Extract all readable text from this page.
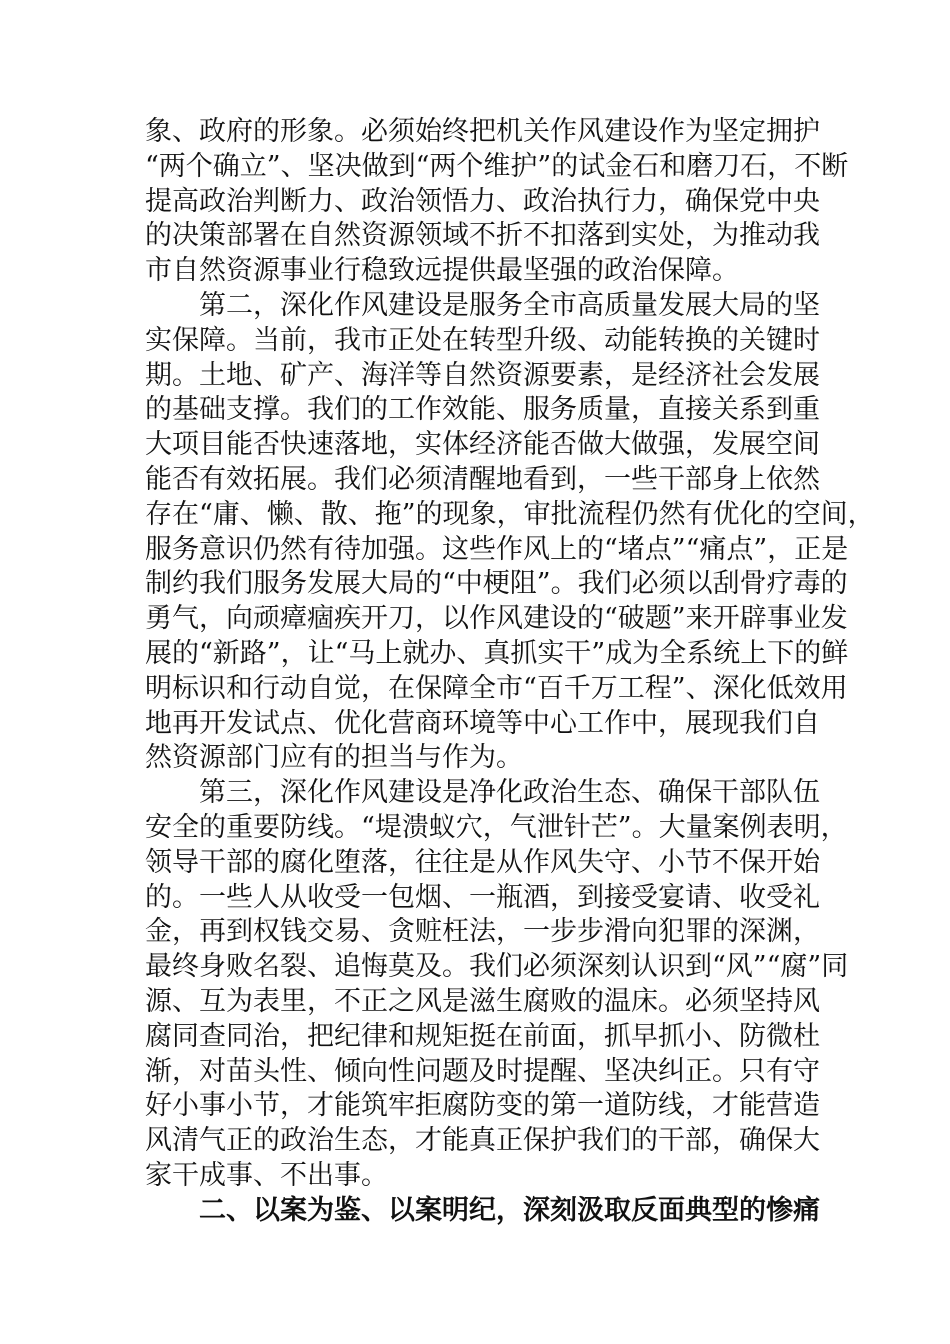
象、政府的形象。必须始终把机关作风建设作为坚定拥护
“两个确立”、坚决做到“两个维护”的试金石和磨刀石，不断
提高政治判断力、政治领悟力、政治执行力，确保党中央
的决策部署在自然资源领域不折不扣落到实处，为推动我
市自然资源事业行稳致远提供最坚强的政治保障。
第二，深化作风建设是服务全市高质量发展大局的坚
实保障。当前，我市正处在转型升级、动能转换的关键时
期。土地、矿产、海洋等自然资源要素，是经济社会发展
的基础支撑。我们的工作效能、服务质量，直接关系到重
大项目能否快速落地，实体经济能否做大做强，发展空间
能否有效拓展。我们必须清醒地看到，一些干部身上依然
存在“庸、懒、散、拖”的现象，审批流程仍然有优化的空间，
服务意识仍然有待加强。这些作风上的“堵点”“痛点”，正是
制约我们服务发展大局的“中梗阻”。我们必须以刮骨疗毒的
勇气，向顽瘴痼疾开刀，以作风建设的“破题”来开辟事业发
展的“新路”，让“马上就办、真抓实干”成为全系统上下的鲜
明标识和行动自觉，在保障全市“百千万工程”、深化低效用
地再开发试点、优化营商环境等中心工作中，展现我们自
然资源部门应有的担当与作为。
第三，深化作风建设是净化政治生态、确保干部队伍
安全的重要防线。“堤溃蚁穴，气泄针芒”。大量案例表明，
领导干部的腐化堕落，往往是从作风失守、小节不保开始
的。一些人从收受一包烟、一瓶酒，到接受宴请、收受礼
金，再到权钱交易、贪赃枉法，一步步滑向犯罪的深渊，
最终身败名裂、追悔莫及。我们必须深刻认识到“风”“腐”同
源、互为表里，不正之风是滋生腐败的温床。必须坚持风
腐同查同治，把纪律和规矩挺在前面，抓早抓小、防微杜
渐，对苗头性、倾向性问题及时提醒、坚决纠正。只有守
好小事小节，才能筑牢拒腐防变的第一道防线，才能营造
风清气正的政治生态，才能真正保护我们的干部，确保大
家干成事、不出事。
二、以案为鉴、以案明纪，深刻汲取反面典型的惨痛
